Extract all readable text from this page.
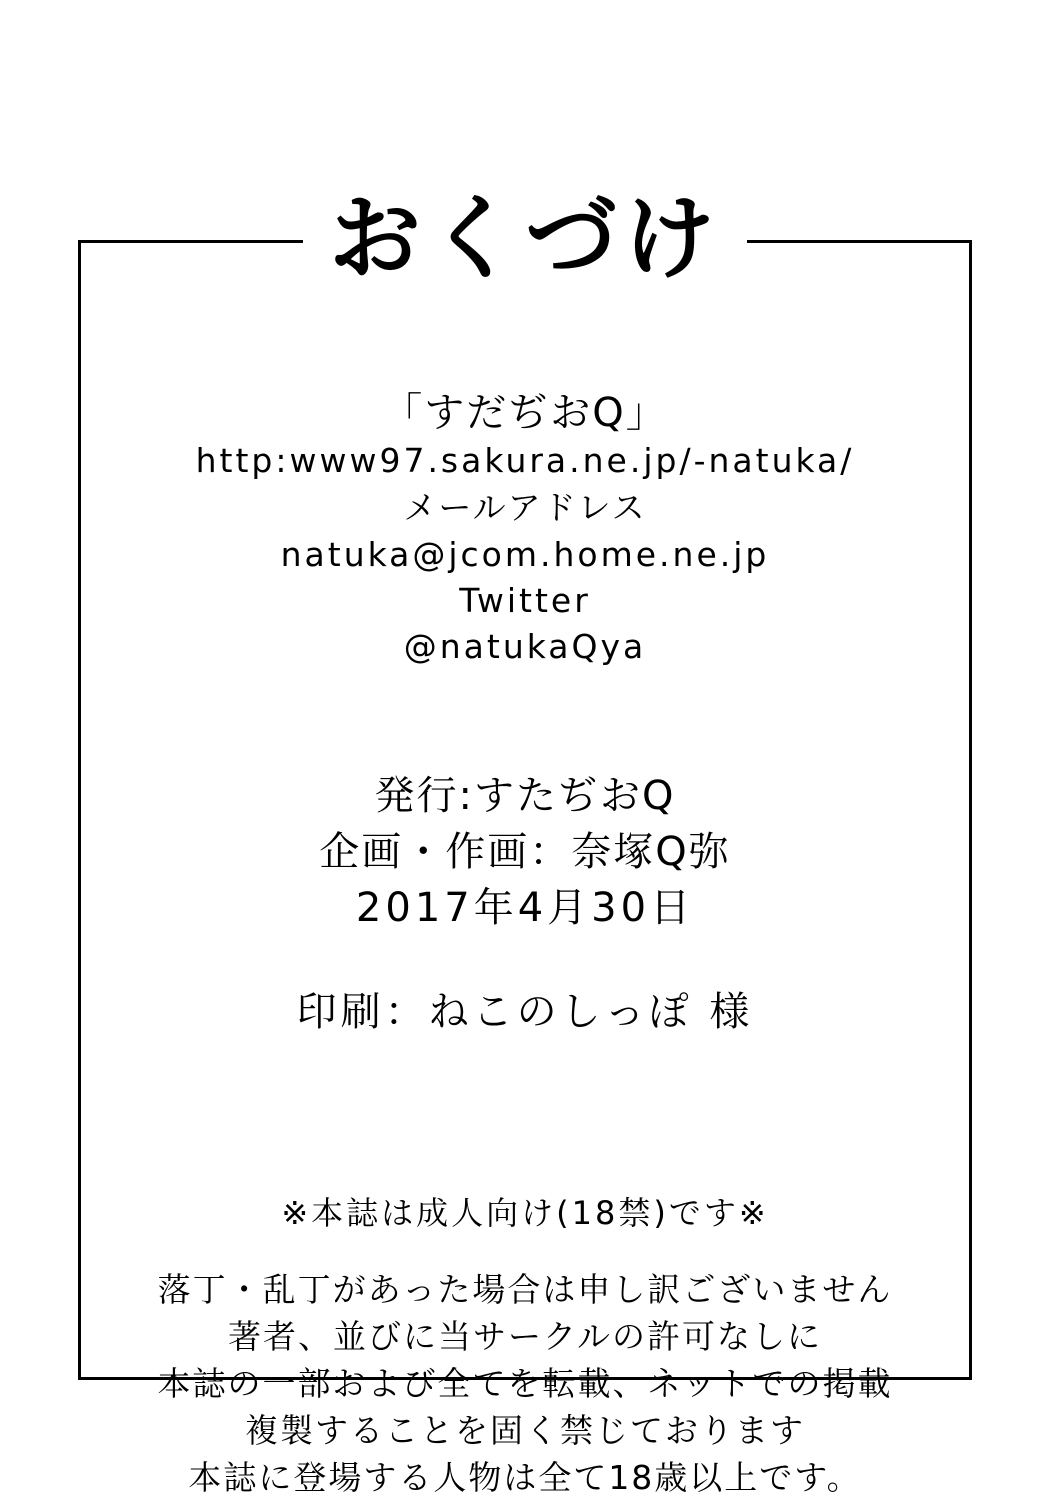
おくづけ
「すだぢおQ」
http:www97.sakura.ne.jp/-natuka/
メールアドレス
natuka@jcom.home.ne.jp
Twitter
@natukaQya
発行:すたぢおQ
企画・作画：奈塚Q弥
2017年4月30日
印刷：ねこのしっぽ 様
※本誌は成人向け(18禁)です※
落丁・乱丁があった場合は申し訳ございません
著者、並びに当サークルの許可なしに
本誌の一部および全てを転載、ネットでの掲載
複製することを固く禁じております
本誌に登場する人物は全て18歳以上です。
